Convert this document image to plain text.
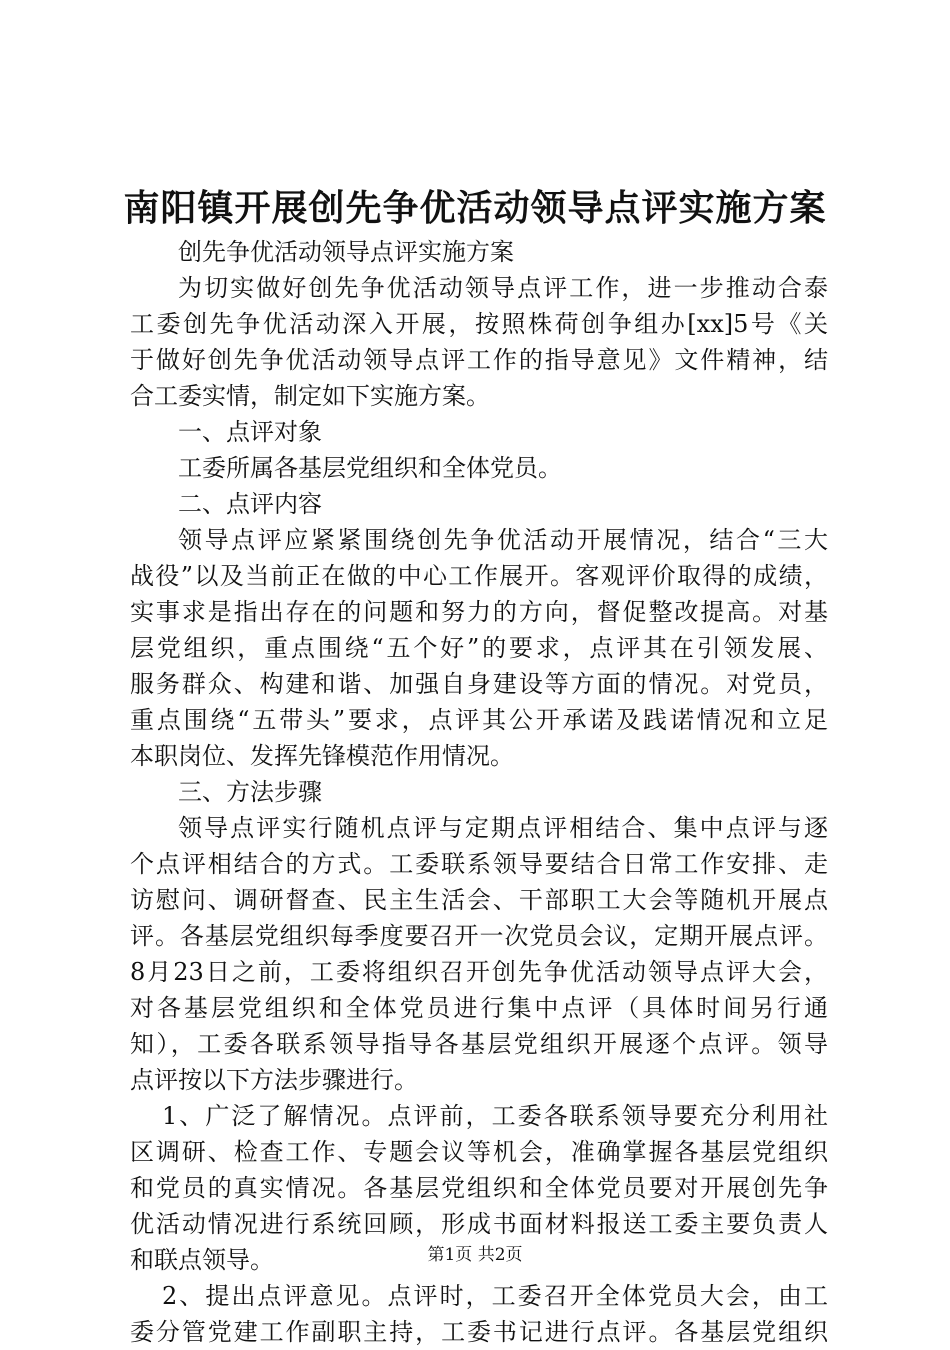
南阳镇开展创先争优活动领导点评实施方案
创先争优活动领导点评实施方案
为切实做好创先争优活动领导点评工作，进一步推动合泰
工委创先争优活动深入开展，按照株荷创争组办[xx]5号《关
于做好创先争优活动领导点评工作的指导意见》文件精神，结
合工委实情，制定如下实施方案。
一、点评对象
工委所属各基层党组织和全体党员。
二、点评内容
领导点评应紧紧围绕创先争优活动开展情况，结合“三大
战役”以及当前正在做的中心工作展开。客观评价取得的成绩，
实事求是指出存在的问题和努力的方向，督促整改提高。对基
层党组织，重点围绕“五个好”的要求，点评其在引领发展、
服务群众、构建和谐、加强自身建设等方面的情况。对党员，
重点围绕“五带头”要求，点评其公开承诺及践诺情况和立足
本职岗位、发挥先锋模范作用情况。
三、方法步骤
领导点评实行随机点评与定期点评相结合、集中点评与逐
个点评相结合的方式。工委联系领导要结合日常工作安排、走
访慰问、调研督查、民主生活会、干部职工大会等随机开展点
评。各基层党组织每季度要召开一次党员会议，定期开展点评。
8月23日之前，工委将组织召开创先争优活动领导点评大会，
对各基层党组织和全体党员进行集中点评（具体时间另行通
知），工委各联系领导指导各基层党组织开展逐个点评。领导
点评按以下方法步骤进行。
1、广泛了解情况。点评前，工委各联系领导要充分利用社
区调研、检查工作、专题会议等机会，准确掌握各基层党组织
和党员的真实情况。各基层党组织和全体党员要对开展创先争
优活动情况进行系统回顾，形成书面材料报送工委主要负责人
和联点领导。
2、提出点评意见。点评时，工委召开全体党员大会，由工
委分管党建工作副职主持，工委书记进行点评。各基层党组织
第1页 共2页
